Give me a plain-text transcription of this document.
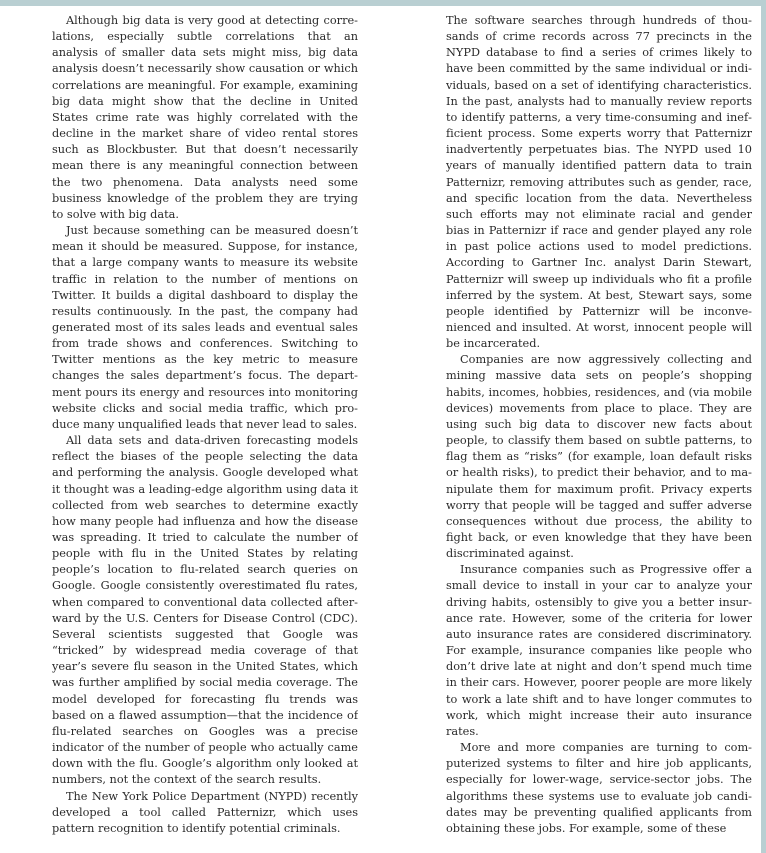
Although big data is very good at detecting correlations, especially subtle correlations that an analysis of smaller data sets might miss, big data analysis doesn’t necessarily show causation or which correlations are meaningful. For example, examining big data might show that the decline in United States crime rate was highly correlated with the decline in the market share of video rental stores such as Blockbuster. But that doesn’t necessarily mean there is any meaningful connection between the two phenomena. Data analysts need some business knowledge of the problem they are trying to solve with big data.

Just because something can be measured doesn’t mean it should be measured. Suppose, for instance, that a large company wants to measure its website traffic in relation to the number of mentions on Twitter. It builds a digital dashboard to display the results continuously. In the past, the company had generated most of its sales leads and eventual sales from trade shows and conferences. Switching to Twitter mentions as the key metric to measure changes the sales department’s focus. The department pours its energy and resources into monitoring website clicks and social media traffic, which produce many unqualified leads that never lead to sales.

All data sets and data-driven forecasting models reflect the biases of the people selecting the data and performing the analysis. Google developed what it thought was a leading-edge algorithm using data it collected from web searches to determine exactly how many people had influenza and how the disease was spreading. It tried to calculate the number of people with flu in the United States by relating people’s location to flu-related search queries on Google. Google consistently overestimated flu rates, when compared to conventional data collected afterward by the U.S. Centers for Disease Control (CDC). Several scientists suggested that Google was “tricked” by widespread media coverage of that year’s severe flu season in the United States, which was further amplified by social media coverage. The model developed for forecasting flu trends was based on a flawed assumption—that the incidence of flu-related searches on Googles was a precise indicator of the number of people who actually came down with the flu. Google’s algorithm only looked at numbers, not the context of the search results.

The New York Police Department (NYPD) recently developed a tool called Patternizr, which uses pattern recognition to identify potential criminals.

The software searches through hundreds of thousands of crime records across 77 precincts in the NYPD database to find a series of crimes likely to have been committed by the same individual or individuals, based on a set of identifying characteristics. In the past, analysts had to manually review reports to identify patterns, a very time-consuming and inefficient process. Some experts worry that Patternizr inadvertently perpetuates bias. The NYPD used 10 years of manually identified pattern data to train Patternizr, removing attributes such as gender, race, and specific location from the data. Nevertheless such efforts may not eliminate racial and gender bias in Patternizr if race and gender played any role in past police actions used to model predictions. According to Gartner Inc. analyst Darin Stewart, Patternizr will sweep up individuals who fit a profile inferred by the system. At best, Stewart says, some people identified by Patternizr will be inconvenienced and insulted. At worst, innocent people will be incarcerated.

Companies are now aggressively collecting and mining massive data sets on people’s shopping habits, incomes, hobbies, residences, and (via mobile devices) movements from place to place. They are using such big data to discover new facts about people, to classify them based on subtle patterns, to flag them as “risks” (for example, loan default risks or health risks), to predict their behavior, and to manipulate them for maximum profit. Privacy experts worry that people will be tagged and suffer adverse consequences without due process, the ability to fight back, or even knowledge that they have been discriminated against.

Insurance companies such as Progressive offer a small device to install in your car to analyze your driving habits, ostensibly to give you a better insurance rate. However, some of the criteria for lower auto insurance rates are considered discriminatory. For example, insurance companies like people who don’t drive late at night and don’t spend much time in their cars. However, poorer people are more likely to work a late shift and to have longer commutes to work, which might increase their auto insurance rates.

More and more companies are turning to computerized systems to filter and hire job applicants, especially for lower-wage, service-sector jobs. The algorithms these systems use to evaluate job candidates may be preventing qualified applicants from obtaining these jobs. For example, some of these
